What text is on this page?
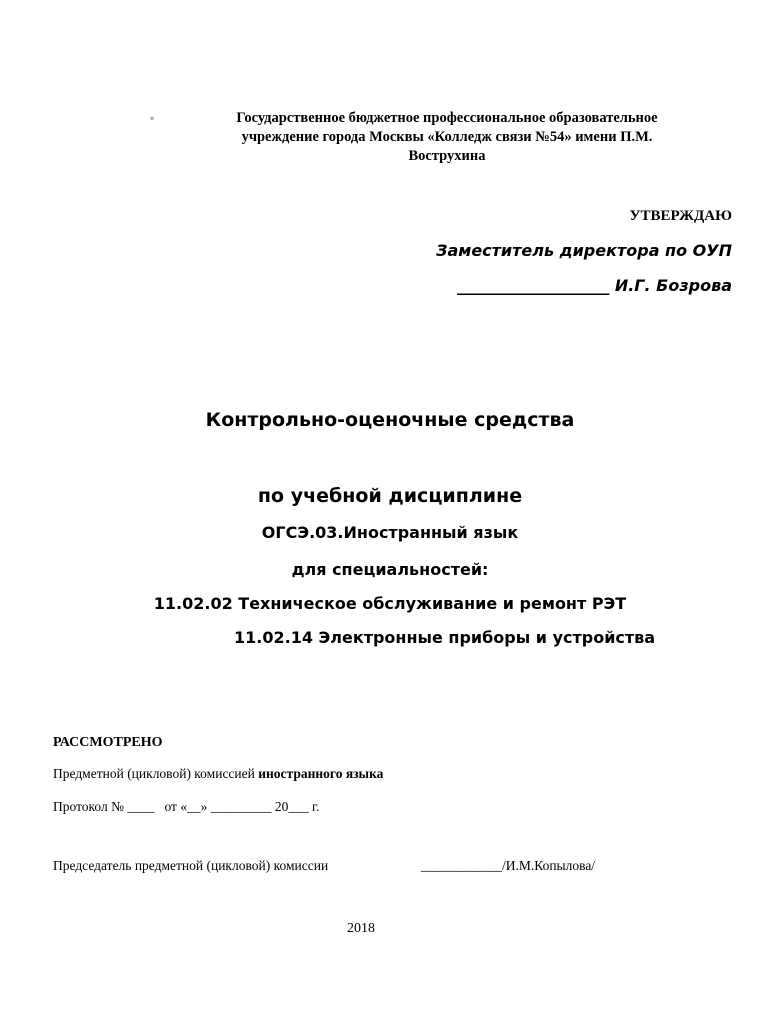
◦	Государственное бюджетное профессиональное образовательное
учреждение города Москвы «Колледж связи №54» имени П.М.
Вострухина
УТВЕРЖДАЮ
Заместитель директора по ОУП
___________________ И.Г. Бозрова
Контрольно-оценочные средства
по учебной дисциплине
ОГСЭ.03.Иностранный язык
для специальностей:
11.02.02 Техническое обслуживание и ремонт РЭТ
11.02.14 Электронные приборы и устройства
РАССМОТРЕНО
Предметной (цикловой) комиссией иностранного языка
Протокол № ____   от «__» _________ 20___ г.
Председатель предметной (цикловой) комиссии	____________/И.М.Копылова/
2018
